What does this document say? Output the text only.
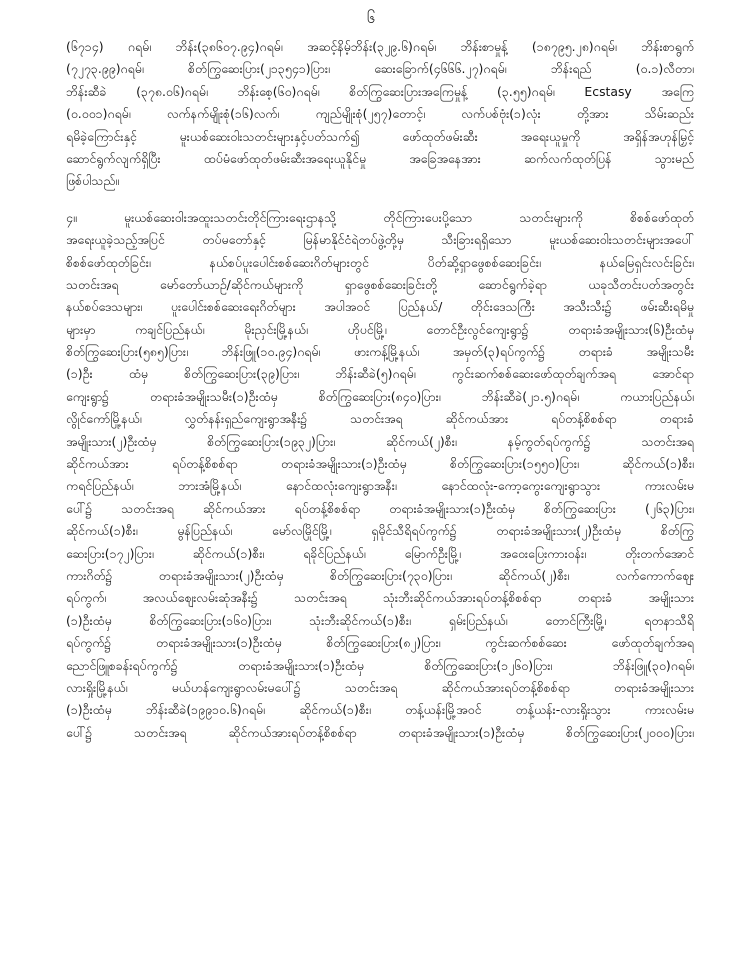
၆
(၆၇၁၄) ဂရမ်၊ ဘိန်း(၃၈၆၀၇.၉၄)ဂရမ်၊ အဆင့်နိမ့်ဘိန်း(၃၂၉.၆)ဂရမ်၊ ဘိန်းစာမှုန့် (၁၈၇၉၅.၂၈)ဂရမ်၊ ဘိန်းစာရွက်
(၇၂၇၃.၉၉)ဂရမ်၊ စိတ်ကြွဆေးပြား(၂၁၃၅၄၁)ပြား၊ ဆေးခြောက်(၄၆၆၆.၂၇)ဂရမ်၊ ဘိန်းရည် (၀.၁)လီတာ၊
ဘိန်းဆီခဲ (၃၇၈.၀၆)ဂရမ်၊ ဘိန်းစေ့(၆၀)ဂရမ်၊ စိတ်ကြွဆေးပြားအကြေမှုန့် (၃.၅၅)ဂရမ်၊ Ecstasy အကြေ
(၀.၀၀၁)ဂရမ်၊ လက်နက်မျိုးစုံ(၁၆)လက်၊ ကျည်မျိုးစုံ(၂၅၇)တောင့်၊ လက်ပစ်ဗုံး(၁)လုံး တို့အား သိမ်းဆည်း
ရမိခဲ့ကြောင်းနှင့် မူးယစ်ဆေးဝါးသတင်းများနှင့်ပတ်သက်၍ ဖော်ထုတ်ဖမ်းဆီး အရေးယူမှုကို အရှိန်အဟုန်မြှင့်
ဆောင်ရွက်လျက်ရှိပြီး ထပ်မံဖော်ထုတ်ဖမ်းဆီးအရေးယူနိုင်မှု အခြေအနေအား ဆက်လက်ထုတ်ပြန် သွားမည်
ဖြစ်ပါသည်။
၄။ မူးယစ်ဆေးဝါးအထူးသတင်းတိုင်ကြားရေးဌာနသို့ တိုင်ကြားပေးပို့သော သတင်းများကို စိစစ်ဖော်ထုတ်
အရေးယူခဲ့သည့်အပြင် တပ်မတော်နှင့် မြန်မာနိုင်ငံရဲတပ်ဖွဲ့တို့မှ သီးခြားရရှိသော မူးယစ်ဆေးဝါးသတင်းများအပေါ်
စိစစ်ဖော်ထုတ်ခြင်း၊ နယ်စပ်ပူးပေါင်းစစ်ဆေးဂိတ်များတွင် ပိတ်ဆို့ရှာဖွေစစ်ဆေးခြင်း၊ နယ်မြေရှင်းလင်းခြင်း၊
သတင်းအရ မော်တော်ယာဉ်/ဆိုင်ကယ်များကို ရှာဖွေစစ်ဆေးခြင်းတို့ ဆောင်ရွက်ခဲ့ရာ ယခုသီတင်းပတ်အတွင်း
နယ်စပ်ဒေသများ၊ ပူးပေါင်းစစ်ဆေးရေးဂိတ်များ အပါအဝင် ပြည်နယ်/ တိုင်းဒေသကြီး အသီးသီး၌ ဖမ်းဆီးရမိမှု
များမှာ ကချင်ပြည်နယ်၊ မိုးညှင်းမြို့နယ်၊ ဟိုပင်မြို့၊ တောင်ဦးလွင်ကျေးရွာ၌ တရားခံအမျိုးသား(၆)ဦးထံမှ
စိတ်ကြွဆေးပြား(၅၈၅)ပြား၊ ဘိန်းဖြူ(၁၀.၉၄)ဂရမ်၊ ဖားကန့်မြို့နယ်၊ အမှတ်(၃)ရပ်ကွက်၌ တရားခံ အမျိုးသမီး
(၁)ဦး ထံမှ စိတ်ကြွဆေးပြား(၃၉)ပြား၊ ဘိန်းဆီခဲ(၅)ဂရမ်၊ ကွင်းဆက်စစ်ဆေးဖော်ထုတ်ချက်အရ အောင်ရာ
ကျေးရွာ၌ တရားခံအမျိုးသမီး(၁)ဦးထံမှ စိတ်ကြွဆေးပြား(၈၄၀)ပြား၊ ဘိန်းဆီခဲ(၂၁.၅)ဂရမ်၊ ကယားပြည်နယ်၊
လွိုင်ကော်မြို့နယ်၊ လွှတ်နန်းရှည်ကျေးရွာအနီး၌ သတင်းအရ ဆိုင်ကယ်အား ရပ်တန့်စိစစ်ရာ တရားခံ
အမျိုးသား(၂)ဦးထံမှ စိတ်ကြွဆေးပြား(၁၉၃၂)ပြား၊ ဆိုင်ကယ်(၂)စီး၊ နမ့်ကွတ်ရပ်ကွက်၌ သတင်းအရ
ဆိုင်ကယ်အား ရပ်တန့်စိစစ်ရာ တရားခံအမျိုးသား(၁)ဦးထံမှ စိတ်ကြွဆေးပြား(၁၅၅၀)ပြား၊ ဆိုင်ကယ်(၁)စီး၊
ကရင်ပြည်နယ်၊ ဘားအံမြို့နယ်၊ နောင်ထလုံးကျေးရွာအနီး၊ နောင်ထလုံး-ကော့ကွေးကျေးရွာသွား ကားလမ်းမ
ပေါ်၌ သတင်းအရ ဆိုင်ကယ်အား ရပ်တန့်စိစစ်ရာ တရားခံအမျိုးသား(၁)ဦးထံမှ စိတ်ကြွဆေးပြား (၂၆၃)ပြား၊
ဆိုင်ကယ်(၁)စီး၊ မွန်ပြည်နယ်၊ မော်လမြိုင်မြို့၊ ရှမိုင်သီရိရပ်ကွက်၌ တရားခံအမျိုးသား(၂)ဦးထံမှ စိတ်ကြွ
ဆေးပြား(၁၇၂)ပြား၊ ဆိုင်ကယ်(၁)စီး၊ ရခိုင်ပြည်နယ်၊ မြောက်ဦးမြို့၊ အဝေးပြေးကားဝန်း၊ တိုးတက်အောင်
ကားဂိတ်၌ တရားခံအမျိုးသား(၂)ဦးထံမှ စိတ်ကြွဆေးပြား(၇၃၀)ပြား၊ ဆိုင်ကယ်(၂)စီး၊ လက်ကောက်ဈေး
ရပ်ကွက်၊ အလယ်ဈေးလမ်းဆုံအနီး၌ သတင်းအရ သုံးဘီးဆိုင်ကယ်အားရပ်တန့်စိစစ်ရာ တရားခံ အမျိုးသား
(၁)ဦးထံမှ စိတ်ကြွဆေးပြား(၁၆၀)ပြား၊ သုံးဘီးဆိုင်ကယ်(၁)စီး၊ ရှမ်းပြည်နယ်၊ တောင်ကြီးမြို့၊ ရတနာသီရိ
ရပ်ကွက်၌ တရားခံအမျိုးသား(၁)ဦးထံမှ စိတ်ကြွဆေးပြား(၈၂)ပြား၊ ကွင်းဆက်စစ်ဆေး ဖော်ထုတ်ချက်အရ
ညောင်ဖြူစခန်းရပ်ကွက်၌ တရားခံအမျိုးသား(၁)ဦးထံမှ စိတ်ကြွဆေးပြား(၁၂၆၀)ပြား၊ ဘိန်းဖြူ(၃၀)ဂရမ်၊
လားရှိုးမြို့နယ်၊ မယ်ဟန်ကျေးရွာလမ်းမပေါ်၌ သတင်းအရ ဆိုင်ကယ်အားရပ်တန့်စိစစ်ရာ တရားခံအမျိုးသား
(၁)ဦးထံမှ ဘိန်းဆီခဲ(၁၉၉၁၀.၆)ဂရမ်၊ ဆိုင်ကယ်(၁)စီး၊ တန့်ယန်းမြို့အဝင် တန့်ယန်း-လားရှိုးသွား ကားလမ်းမ
ပေါ်၌ သတင်းအရ ဆိုင်ကယ်အားရပ်တန့်စိစစ်ရာ တရားခံအမျိုးသား(၁)ဦးထံမှ စိတ်ကြွဆေးပြား(၂၀၀၀)ပြား၊
